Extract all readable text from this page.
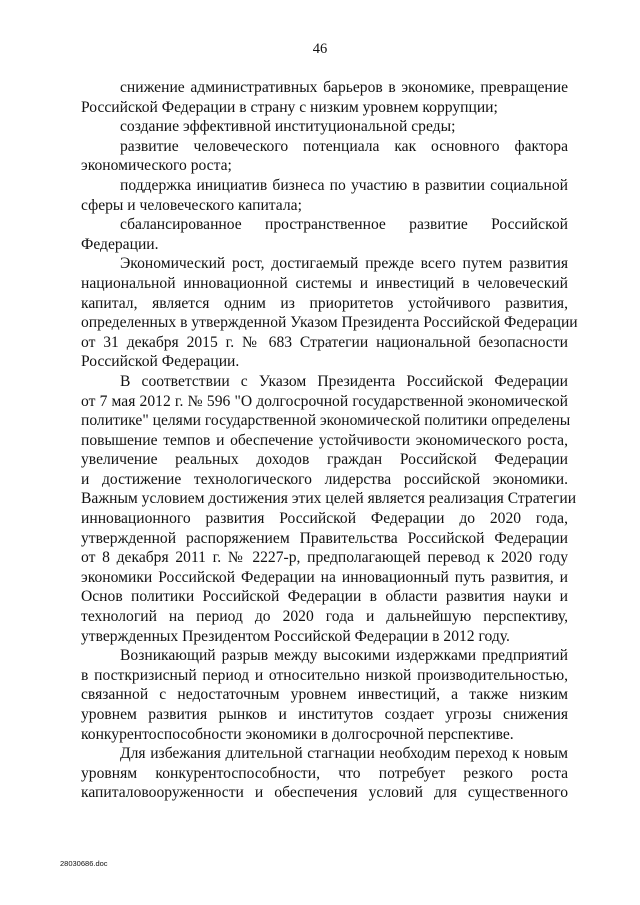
46
снижение административных барьеров в экономике, превращение
Российской Федерации в страну с низким уровнем коррупции;
создание эффективной институциональной среды;
развитие человеческого потенциала как основного фактора
экономического роста;
поддержка инициатив бизнеса по участию в развитии социальной
сферы и человеческого капитала;
сбалансированное пространственное развитие Российской
Федерации.
Экономический рост, достигаемый прежде всего путем развития
национальной инновационной системы и инвестиций в человеческий
капитал, является одним из приоритетов устойчивого развития,
определенных в утвержденной Указом Президента Российской Федерации
от 31 декабря 2015 г. № 683 Стратегии национальной безопасности
Российской Федерации.
В соответствии с Указом Президента Российской Федерации
от 7 мая 2012 г. № 596 "О долгосрочной государственной экономической
политике" целями государственной экономической политики определены
повышение темпов и обеспечение устойчивости экономического роста,
увеличение реальных доходов граждан Российской Федерации
и достижение технологического лидерства российской экономики.
Важным условием достижения этих целей является реализация Стратегии
инновационного развития Российской Федерации до 2020 года,
утвержденной распоряжением Правительства Российской Федерации
от 8 декабря 2011 г. № 2227-р, предполагающей перевод к 2020 году
экономики Российской Федерации на инновационный путь развития, и
Основ политики Российской Федерации в области развития науки и
технологий на период до 2020 года и дальнейшую перспективу,
утвержденных Президентом Российской Федерации в 2012 году.
Возникающий разрыв между высокими издержками предприятий
в посткризисный период и относительно низкой производительностью,
связанной с недостаточным уровнем инвестиций, а также низким
уровнем развития рынков и институтов создает угрозы снижения
конкурентоспособности экономики в долгосрочной перспективе.
Для избежания длительной стагнации необходим переход к новым
уровням конкурентоспособности, что потребует резкого роста
капиталовооруженности и обеспечения условий для существенного
28030686.doc
